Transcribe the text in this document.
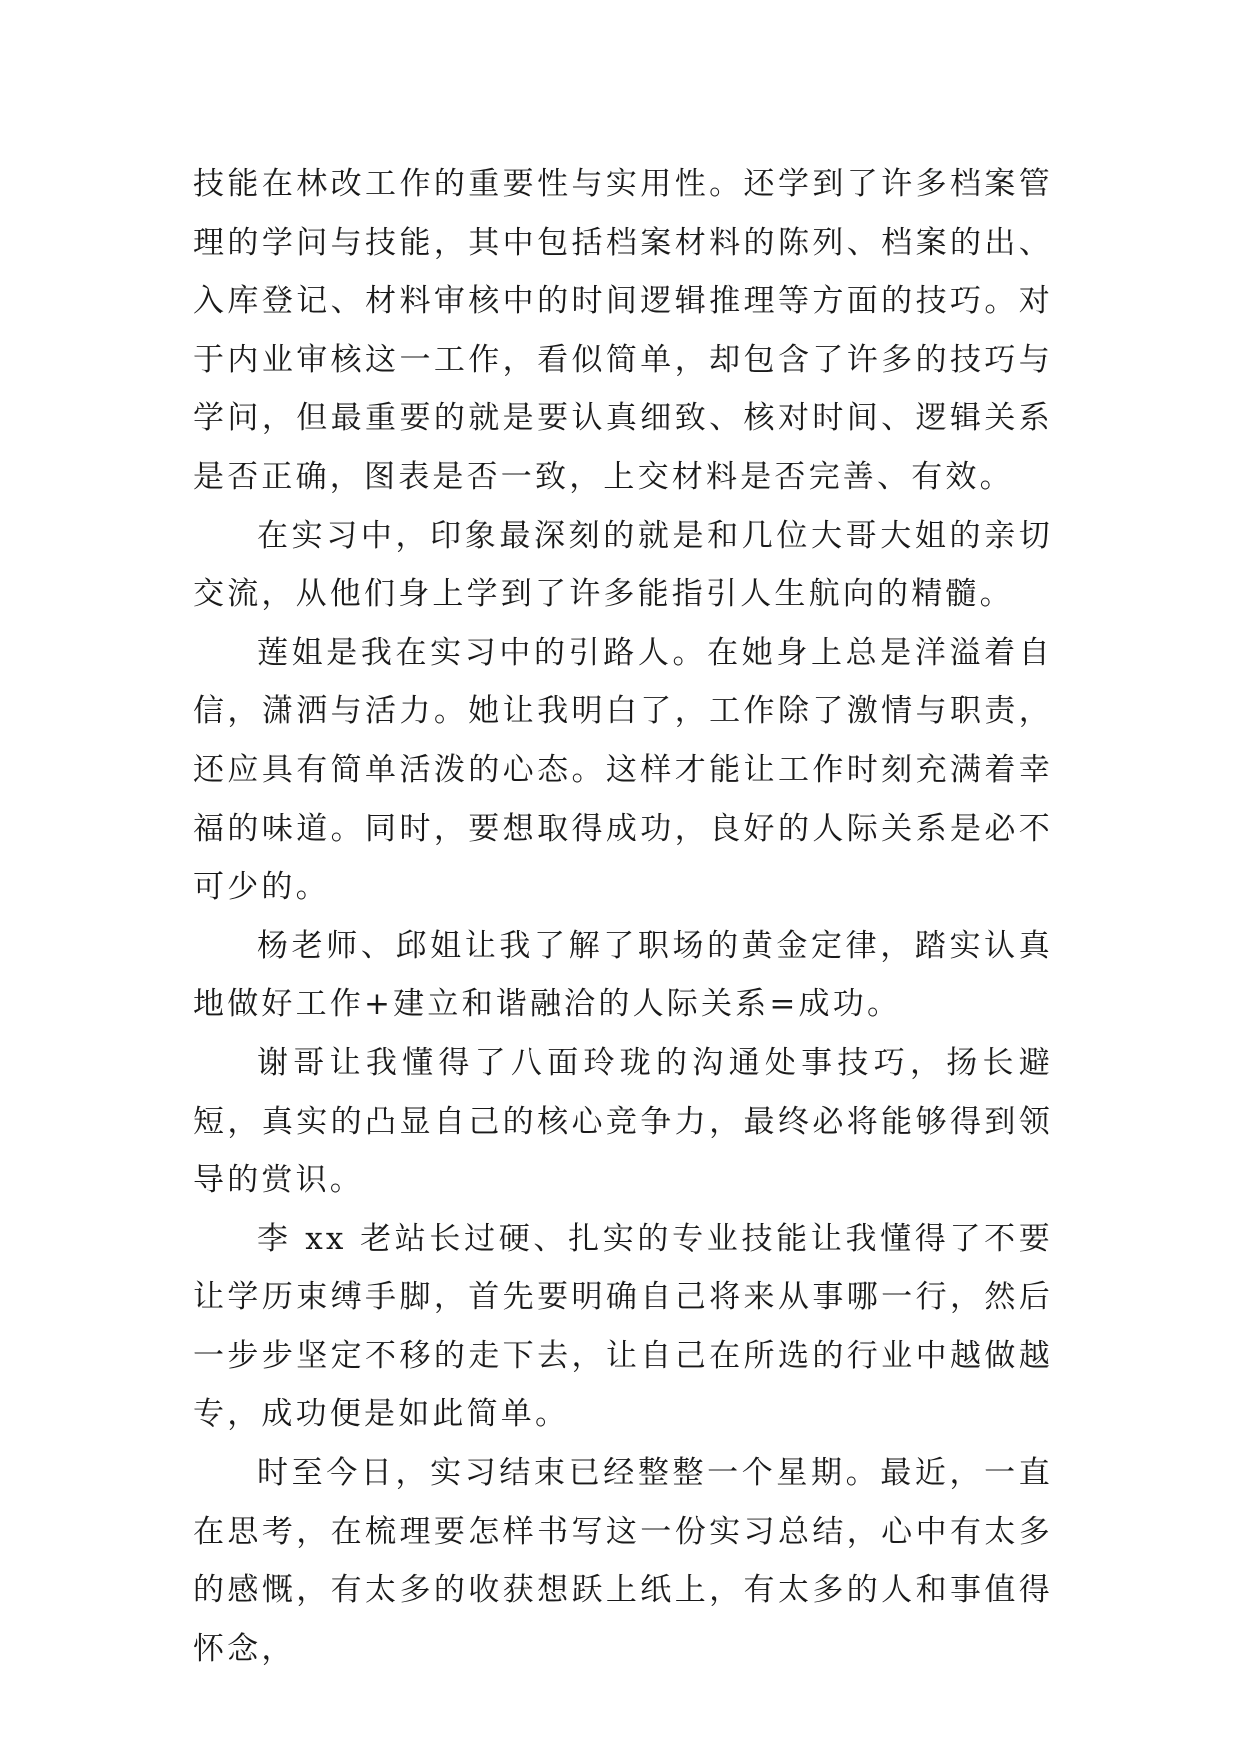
技能在林改工作的重要性与实用性。还学到了许多档案管理的学问与技能，其中包括档案材料的陈列、档案的出、入库登记、材料审核中的时间逻辑推理等方面的技巧。对于内业审核这一工作，看似简单，却包含了许多的技巧与学问，但最重要的就是要认真细致、核对时间、逻辑关系是否正确，图表是否一致，上交材料是否完善、有效。

在实习中，印象最深刻的就是和几位大哥大姐的亲切交流，从他们身上学到了许多能指引人生航向的精髓。

莲姐是我在实习中的引路人。在她身上总是洋溢着自信，潇洒与活力。她让我明白了，工作除了激情与职责，还应具有简单活泼的心态。这样才能让工作时刻充满着幸福的味道。同时，要想取得成功，良好的人际关系是必不可少的。

杨老师、邱姐让我了解了职场的黄金定律，踏实认真地做好工作+建立和谐融洽的人际关系=成功。

谢哥让我懂得了八面玲珑的沟通处事技巧，扬长避短，真实的凸显自己的核心竞争力，最终必将能够得到领导的赏识。

李 xx 老站长过硬、扎实的专业技能让我懂得了不要让学历束缚手脚，首先要明确自己将来从事哪一行，然后一步步坚定不移的走下去，让自己在所选的行业中越做越专，成功便是如此简单。

时至今日，实习结束已经整整一个星期。最近，一直在思考，在梳理要怎样书写这一份实习总结，心中有太多的感慨，有太多的收获想跃上纸上，有太多的人和事值得怀念，
